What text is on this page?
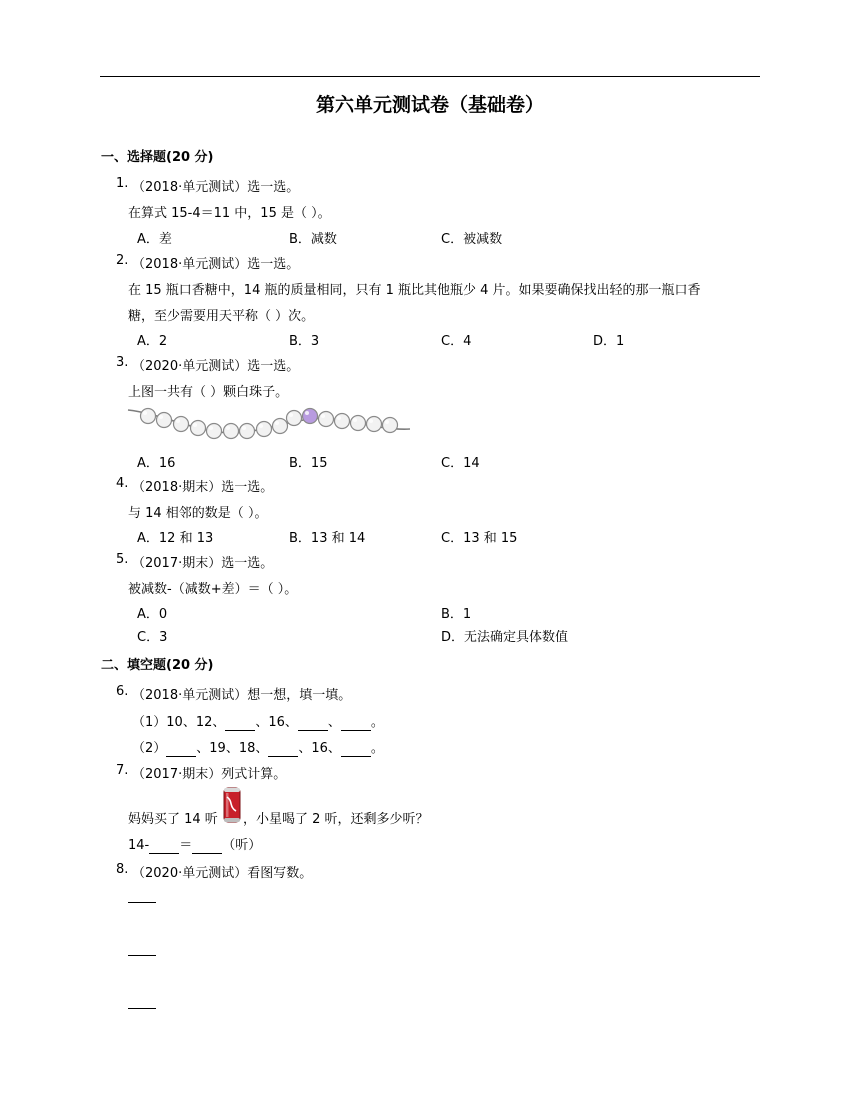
第六单元测试卷（基础卷）
一、选择题(20 分)
1. （2018·单元测试）选一选。
在算式 15-4＝11 中，15 是（ ）。
A．差	B．减数	C．被减数
2. （2018·单元测试）选一选。
在 15 瓶口香糖中，14 瓶的质量相同，只有 1 瓶比其他瓶少 4 片。如果要确保找出轻的那一瓶口香
糖，至少需要用天平称（ ）次。
A．2	B．3	C．4	D．1
3. （2020·单元测试）选一选。
上图一共有（ ）颗白珠子。
A．16	B．15	C．14
4. （2018·期末）选一选。
与 14 相邻的数是（ ）。
A．12 和 13	B．13 和 14	C．13 和 15
5. （2017·期末）选一选。
被减数-（减数+差）＝（ ）。
A．0	B．1
C．3	D．无法确定具体数值
二、填空题(20 分)
6. （2018·单元测试）想一想，填一填。
（1）10、12、 、16、 、 。
（2） 、19、18、 、16、 。
7. （2017·期末）列式计算。
妈妈买了 14 听 ，小星喝了 2 听，还剩多少听？
14- ＝ （听）
8. （2020·单元测试）看图写数。
